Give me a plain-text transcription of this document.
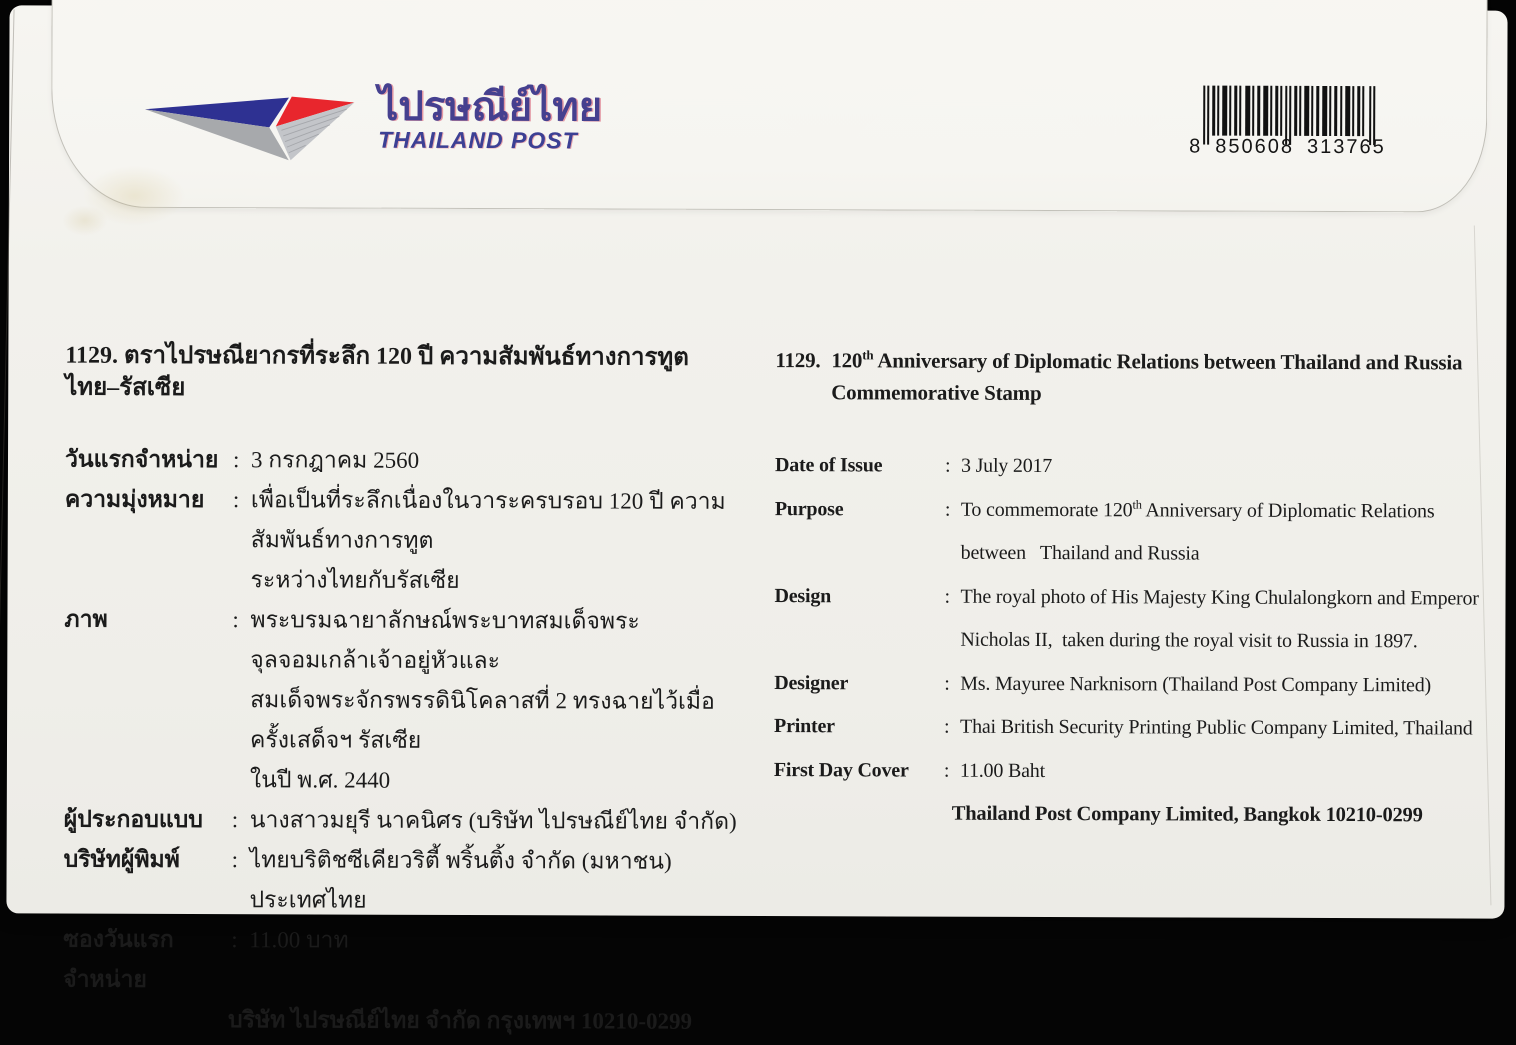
ไปรษณีย์ไทย
THAILAND POST	8 850608 313765
1129. ตราไปรษณียากรที่ระลึก 120 ปี ความสัมพันธ์ทางการทูตไทย–รัสเซีย
วันแรกจำหน่าย : 3 กรกฎาคม 2560
ความมุ่งหมาย	: เพื่อเป็นที่ระลึกเนื่องในวาระครบรอบ 120 ปี ความสัมพันธ์ทางการทูต
ระหว่างไทยกับรัสเซีย
ภาพ	: พระบรมฉายาลักษณ์พระบาทสมเด็จพระจุลจอมเกล้าเจ้าอยู่หัวและ
สมเด็จพระจักรพรรดินิโคลาสที่ 2 ทรงฉายไว้เมื่อครั้งเสด็จฯ รัสเซีย
ในปี พ.ศ. 2440
ผู้ประกอบแบบ	: นางสาวมยุรี นาคนิศร (บริษัท ไปรษณีย์ไทย จำกัด)
บริษัทผู้พิมพ์	: ไทยบริติชซีเคียวริตี้ พริ้นติ้ง จำกัด (มหาชน) ประเทศไทย
ซองวันแรกจำหน่าย
: 11.00 บาท
บริษัท ไปรษณีย์ไทย จำกัด กรุงเทพฯ 10210-0299
1129. 120th Anniversary of Diplomatic Relations between Thailand and Russia
Commemorative Stamp
Date of Issue	: 3 July 2017
Purpose	: To commemorate 120th Anniversary of Diplomatic Relations
between   Thailand and Russia
Design	: The royal photo of His Majesty King Chulalongkorn and Emperor
Nicholas II,  taken during the royal visit to Russia in 1897.
Designer	: Ms. Mayuree Narknisorn (Thailand Post Company Limited)
Printer	: Thai British Security Printing Public Company Limited, Thailand
First Day Cover	: 11.00 Baht
Thailand Post Company Limited, Bangkok 10210-0299
